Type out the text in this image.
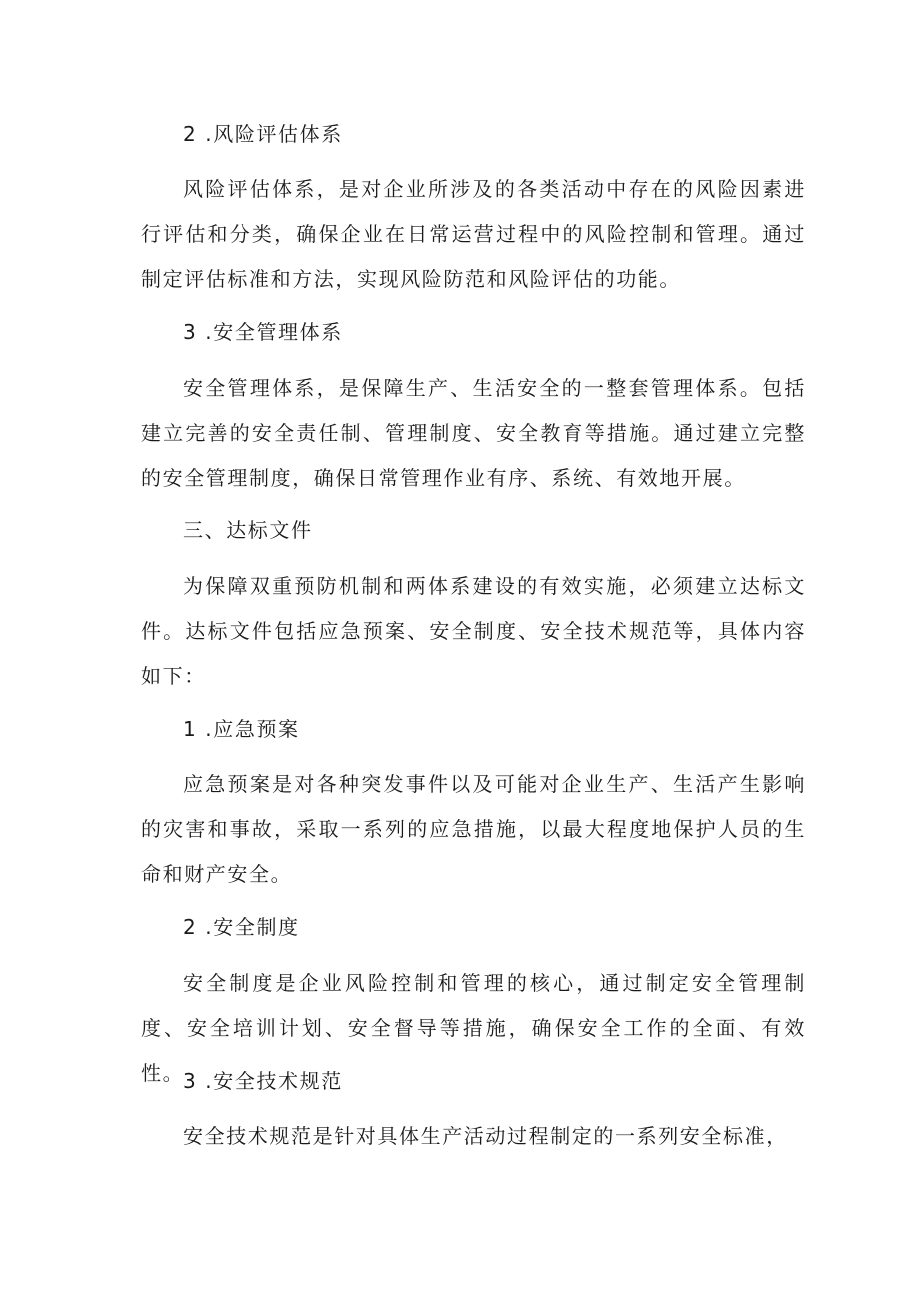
2 .风险评估体系

风险评估体系，是对企业所涉及的各类活动中存在的风险因素进行评估和分类，确保企业在日常运营过程中的风险控制和管理。通过制定评估标准和方法，实现风险防范和风险评估的功能。

3 .安全管理体系

安全管理体系，是保障生产、生活安全的一整套管理体系。包括建立完善的安全责任制、管理制度、安全教育等措施。通过建立完整的安全管理制度，确保日常管理作业有序、系统、有效地开展。

三、达标文件

为保障双重预防机制和两体系建设的有效实施，必须建立达标文件。达标文件包括应急预案、安全制度、安全技术规范等，具体内容如下：

1 .应急预案

应急预案是对各种突发事件以及可能对企业生产、生活产生影响的灾害和事故，采取一系列的应急措施，以最大程度地保护人员的生命和财产安全。

2 .安全制度

安全制度是企业风险控制和管理的核心，通过制定安全管理制度、安全培训计划、安全督导等措施，确保安全工作的全面、有效性。

3 .安全技术规范

安全技术规范是针对具体生产活动过程制定的一系列安全标准，
